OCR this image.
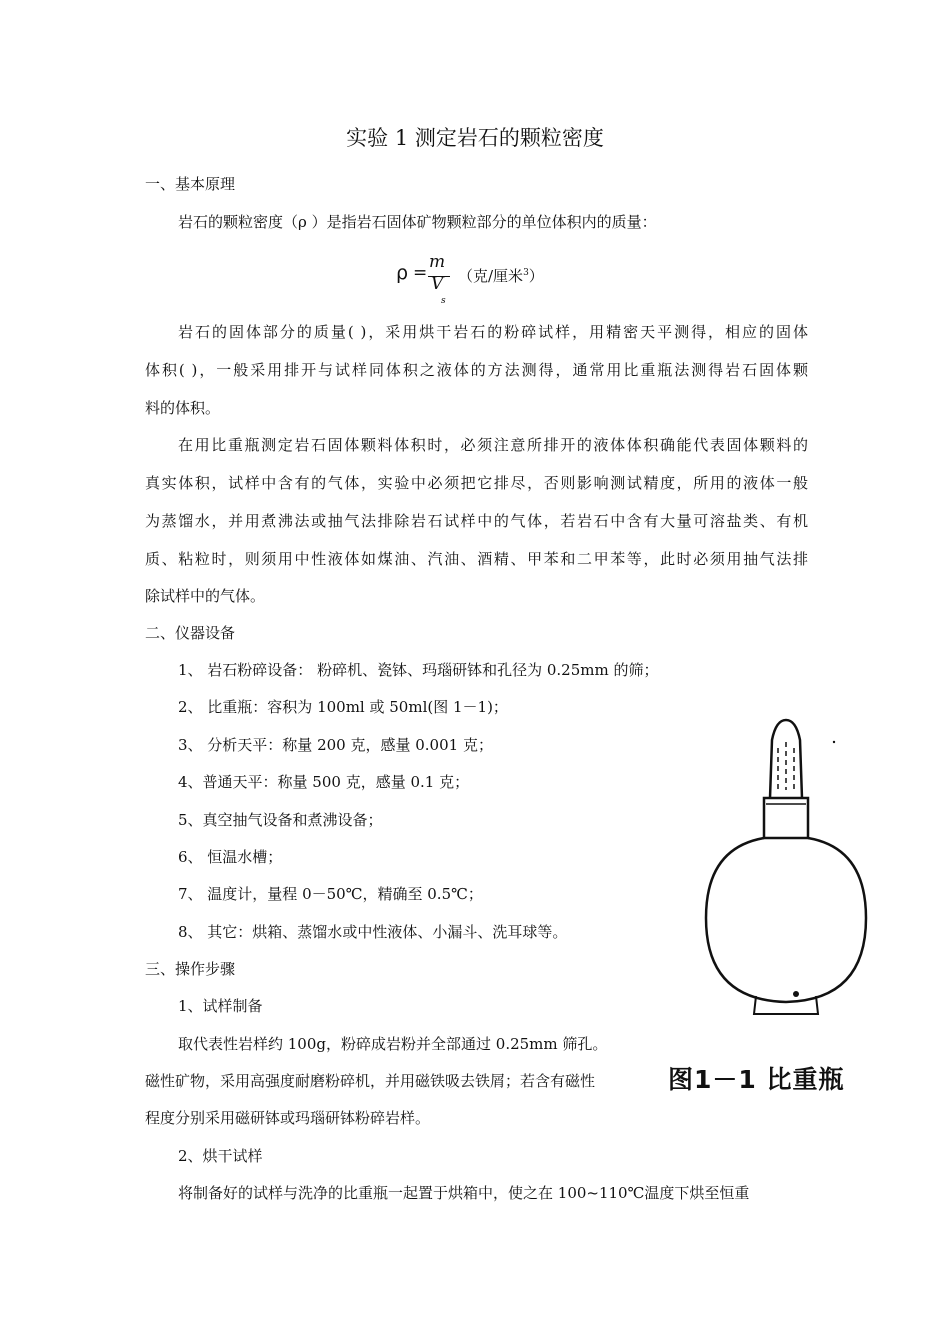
实验 1 测定岩石的颗粒密度
一、基本原理
岩石的颗粒密度（ρ ）是指岩石固体矿物颗粒部分的单位体积内的质量：
ρ =
m
V
s
（克/厘米$^3$）
岩石的固体部分的质量( )，采用烘干岩石的粉碎试样，用精密天平测得，相应的固体
体积( )，一般采用排开与试样同体积之液体的方法测得，通常用比重瓶法测得岩石固体颗
料的体积。
在用比重瓶测定岩石固体颗料体积时，必须注意所排开的液体体积确能代表固体颗料的
真实体积，试样中含有的气体，实验中必须把它排尽，否则影响测试精度，所用的液体一般
为蒸馏水，并用煮沸法或抽气法排除岩石试样中的气体，若岩石中含有大量可溶盐类、有机
质、粘粒时，则须用中性液体如煤油、汽油、酒精、甲苯和二甲苯等，此时必须用抽气法排
除试样中的气体。
二、仪器设备
1、 岩石粉碎设备： 粉碎机、瓷钵、玛瑙研钵和孔径为 0.25mm 的筛；
2、 比重瓶：容积为 100ml 或 50ml(图 1－1)；
3、 分析天平：称量 200 克，感量 0.001 克；
4、普通天平：称量 500 克，感量 0.1 克；
5、真空抽气设备和煮沸设备；
6、 恒温水槽；
7、 温度计，量程 0－50℃，精确至 0.5℃；
8、 其它：烘箱、蒸馏水或中性液体、小漏斗、洗耳球等。
三、操作步骤
1、试样制备
取代表性岩样约 100g，粉碎成岩粉并全部通过 0.25mm 筛孔。
磁性矿物，采用高强度耐磨粉碎机，并用磁铁吸去铁屑；若含有磁性
程度分别采用磁研钵或玛瑙研钵粉碎岩样。
2、烘干试样
将制备好的试样与洗净的比重瓶一起置于烘箱中，使之在 100~110℃温度下烘至恒重
图1－1 比重瓶
